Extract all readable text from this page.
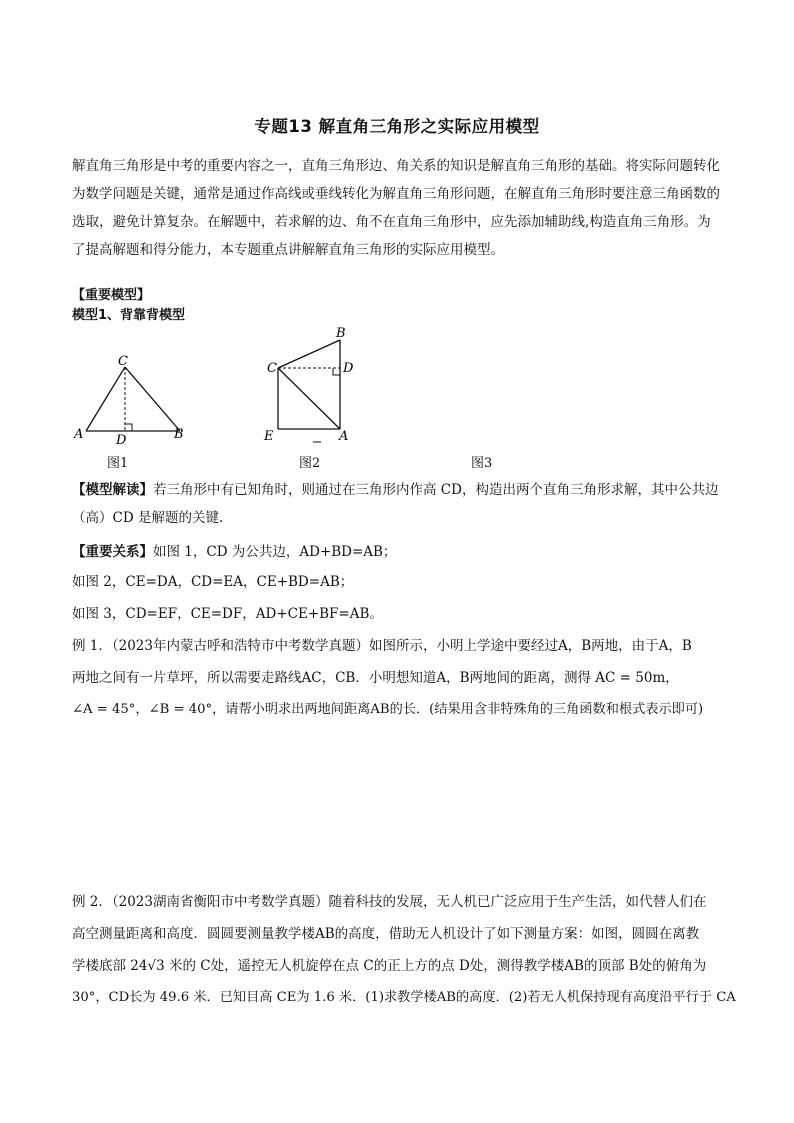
专题13 解直角三角形之实际应用模型
解直角三角形是中考的重要内容之一，直角三角形边、角关系的知识是解直角三角形的基础。将实际问题转化为数学问题是关键，通常是通过作高线或垂线转化为解直角三角形问题，在解直角三角形时要注意三角函数的选取，避免计算复杂。在解题中，若求解的边、角不在直角三角形中，应先添加辅助线,构造直角三角形。为了提高解题和得分能力，本专题重点讲解解直角三角形的实际应用模型。
【重要模型】
模型1、背靠背模型
C
A	D	B
图1
B
C	D
E	A
图2	图3
【模型解读】若三角形中有已知角时，则通过在三角形内作高 CD，构造出两个直角三角形求解，其中公共边（高）CD 是解题的关键.
【重要关系】如图 1，CD 为公共边，AD+BD=AB；
如图 2，CE=DA，CD=EA，CE+BD=AB；
如图 3，CD=EF，CE=DF，AD+CE+BF=AB。
例 1．（2023年内蒙古呼和浩特市中考数学真题）如图所示，小明上学途中要经过A，B两地，由于A，B
两地之间有一片草坪，所以需要走路线AC，CB．小明想知道A，B两地间的距离，测得 AC = 50m，
∠A = 45°，∠B = 40°，请帮小明求出两地间距离AB的长．(结果用含非特殊角的三角函数和根式表示即可)
例 2．（2023湖南省衡阳市中考数学真题）随着科技的发展，无人机已广泛应用于生产生活，如代替人们在
高空测量距离和高度．圆圆要测量教学楼AB的高度，借助无人机设计了如下测量方案：如图，圆圆在离教
学楼底部 24√3 米的 C处，遥控无人机旋停在点 C的正上方的点 D处，测得教学楼AB的顶部 B处的俯角为
30°，CD长为 49.6 米．已知目高 CE为 1.6 米．(1)求教学楼AB的高度．(2)若无人机保持现有高度沿平行于 CA
